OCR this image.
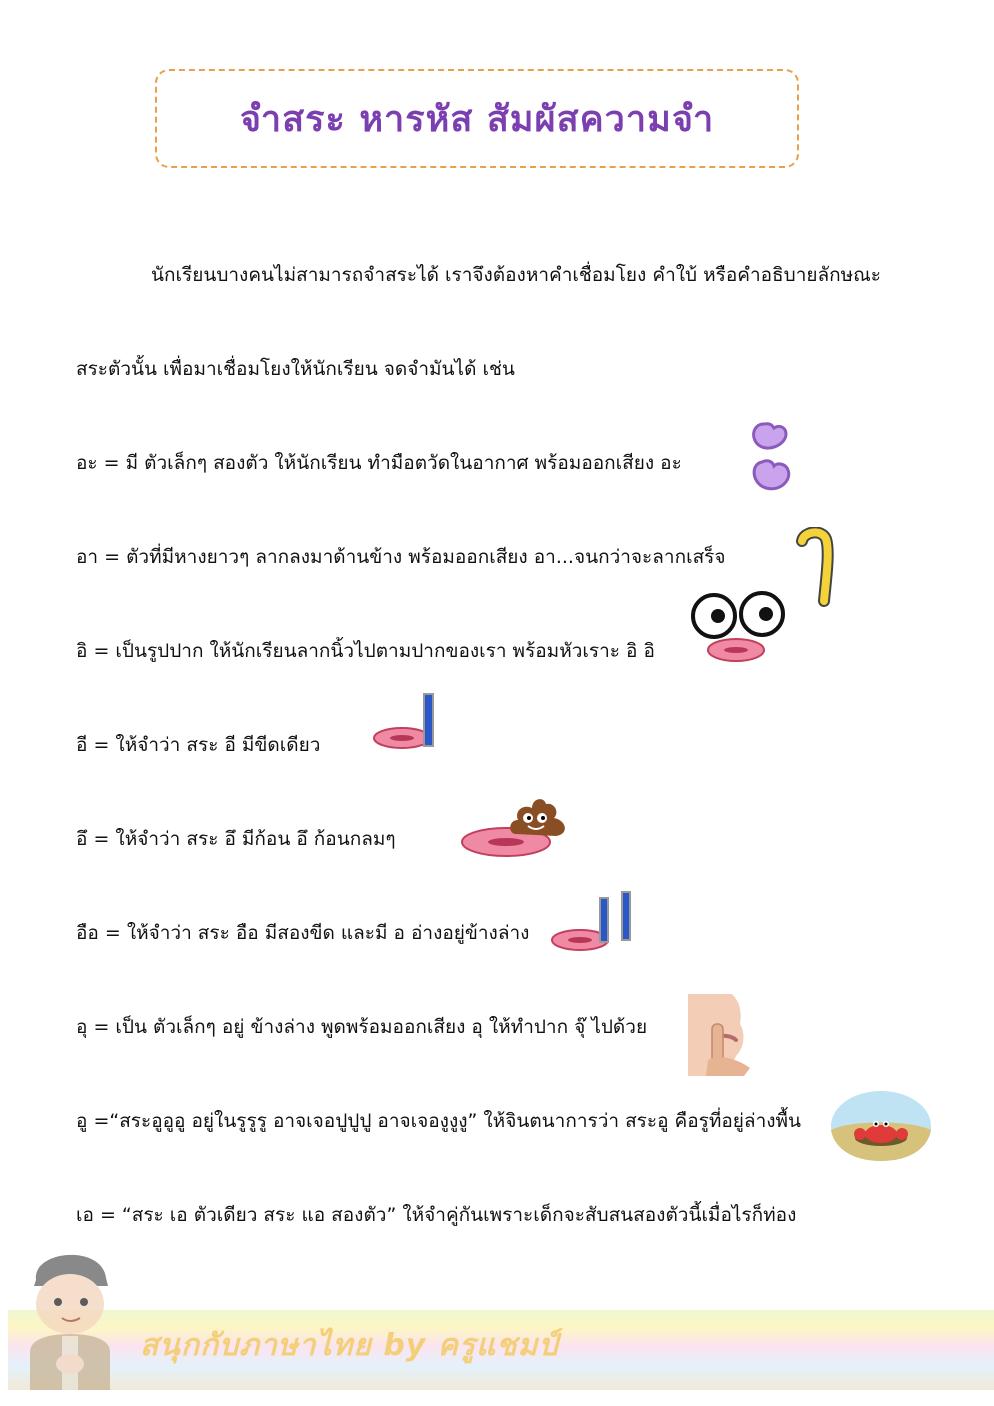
จำสระ หารหัส สัมผัสความจำ
นักเรียนบางคนไม่สามารถจำสระได้ เราจึงต้องหาคำเชื่อมโยง คำใบ้ หรือคำอธิบายลักษณะ
สระตัวนั้น เพื่อมาเชื่อมโยงให้นักเรียน จดจำมันได้ เช่น
อะ = มี ตัวเล็กๆ สองตัว ให้นักเรียน ทำมือตวัดในอากาศ พร้อมออกเสียง อะ
อา = ตัวที่มีหางยาวๆ ลากลงมาด้านข้าง พร้อมออกเสียง อา...จนกว่าจะลากเสร็จ
อิ = เป็นรูปปาก ให้นักเรียนลากนิ้วไปตามปากของเรา พร้อมหัวเราะ อิ อิ
อี = ให้จำว่า สระ อี มีขีดเดียว
อึ = ให้จำว่า สระ อึ มีก้อน อึ ก้อนกลมๆ
อือ = ให้จำว่า สระ อือ มีสองขีด และมี อ อ่างอยู่ข้างล่าง
อุ = เป็น ตัวเล็กๆ อยู่ ข้างล่าง พูดพร้อมออกเสียง อุ ให้ทำปาก จุ๊ ไปด้วย
อู =“สระอูอูอู อยู่ในรูรูรู อาจเจอปูปูปู อาจเจองูงูงู” ให้จินตนาการว่า สระอู คือรูที่อยู่ล่างพื้น
เอ = “สระ เอ ตัวเดียว สระ แอ สองตัว” ให้จำคู่กันเพราะเด็กจะสับสนสองตัวนี้เมื่อไรก็ท่อง
สนุกกับภาษาไทย by ครูแชมป์
